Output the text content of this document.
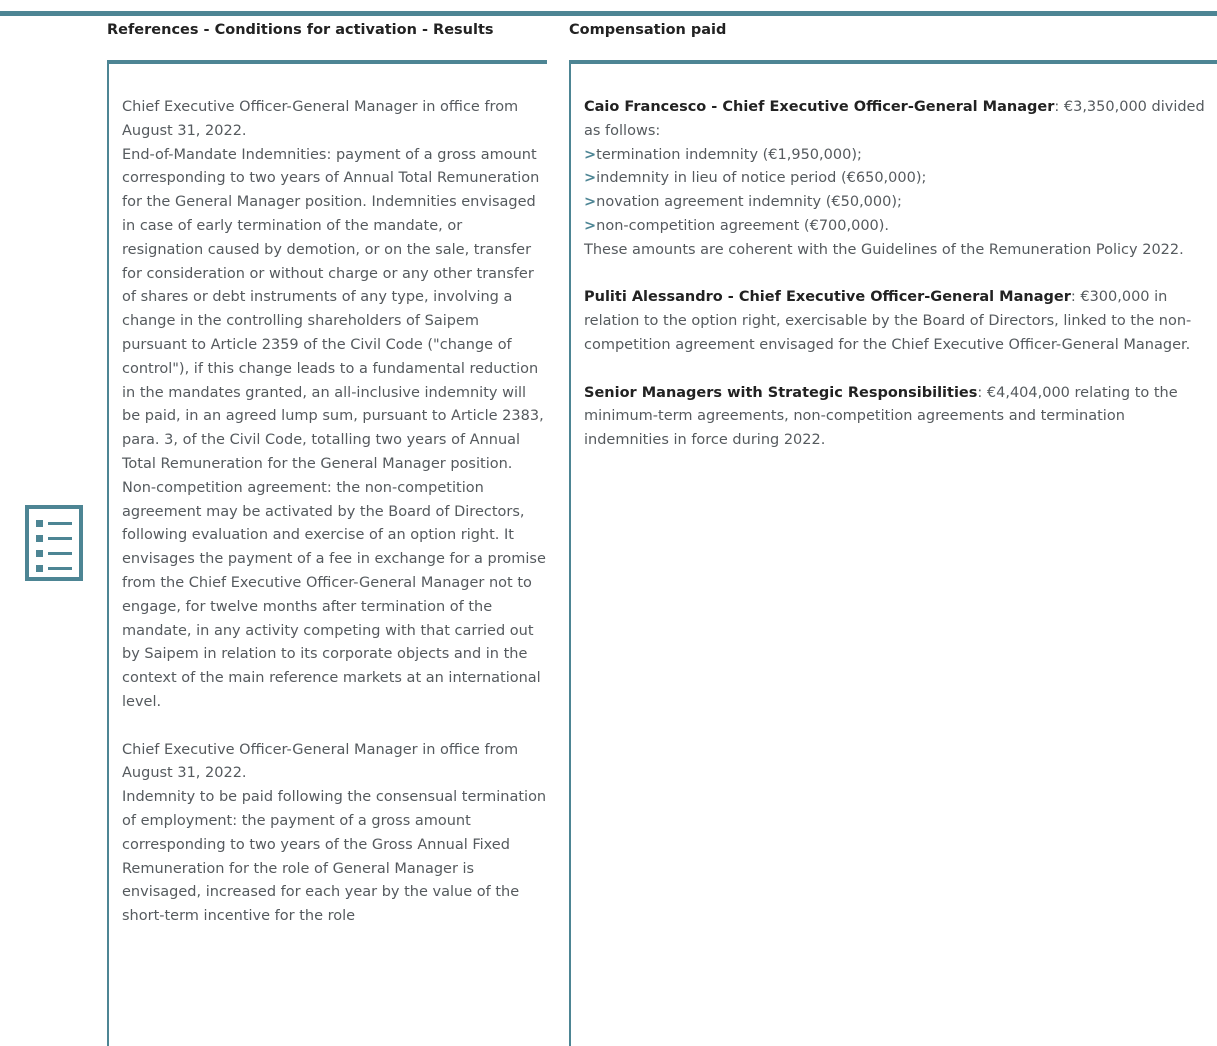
References - Conditions for activation - Results	Compensation paid

Chief Executive Officer-General Manager in office from August 31, 2022.

End-of-Mandate Indemnities: payment of a gross amount corresponding to two years of Annual Total Remuneration for the General Manager position. Indemnities envisaged in case of early termination of the mandate, or resignation caused by demotion, or on the sale, transfer for consideration or without charge or any other transfer of shares or debt instruments of any type, involving a change in the controlling shareholders of Saipem pursuant to Article 2359 of the Civil Code ("change of control"), if this change leads to a fundamental reduction in the mandates granted, an all-inclusive indemnity will be paid, in an agreed lump sum, pursuant to Article 2383, para. 3, of the Civil Code, totalling two years of Annual Total Remuneration for the General Manager position.

Non-competition agreement: the non-competition agreement may be activated by the Board of Directors, following evaluation and exercise of an option right. It envisages the payment of a fee in exchange for a promise from the Chief Executive Officer-General Manager not to engage, for twelve months after termination of the mandate, in any activity competing with that carried out by Saipem in relation to its corporate objects and in the context of the main reference markets at an international level.

Chief Executive Officer-General Manager in office from August 31, 2022.

Indemnity to be paid following the consensual termination of employment: the payment of a gross amount corresponding to two years of the Gross Annual Fixed Remuneration for the role of General Manager is envisaged, increased for each year by the value of the short-term incentive for the role

Caio Francesco - Chief Executive Officer-General Manager: €3,350,000 divided as follows:

>termination indemnity (€1,950,000);

>indemnity in lieu of notice period (€650,000);

>novation agreement indemnity (€50,000);

>non-competition agreement (€700,000).

These amounts are coherent with the Guidelines of the Remuneration Policy 2022.

Puliti Alessandro - Chief Executive Officer-General Manager: €300,000 in relation to the option right, exercisable by the Board of Directors, linked to the non-competition agreement envisaged for the Chief Executive Officer-General Manager.

Senior Managers with Strategic Responsibilities: €4,404,000 relating to the minimum-term agreements, non-competition agreements and termination indemnities in force during 2022.
